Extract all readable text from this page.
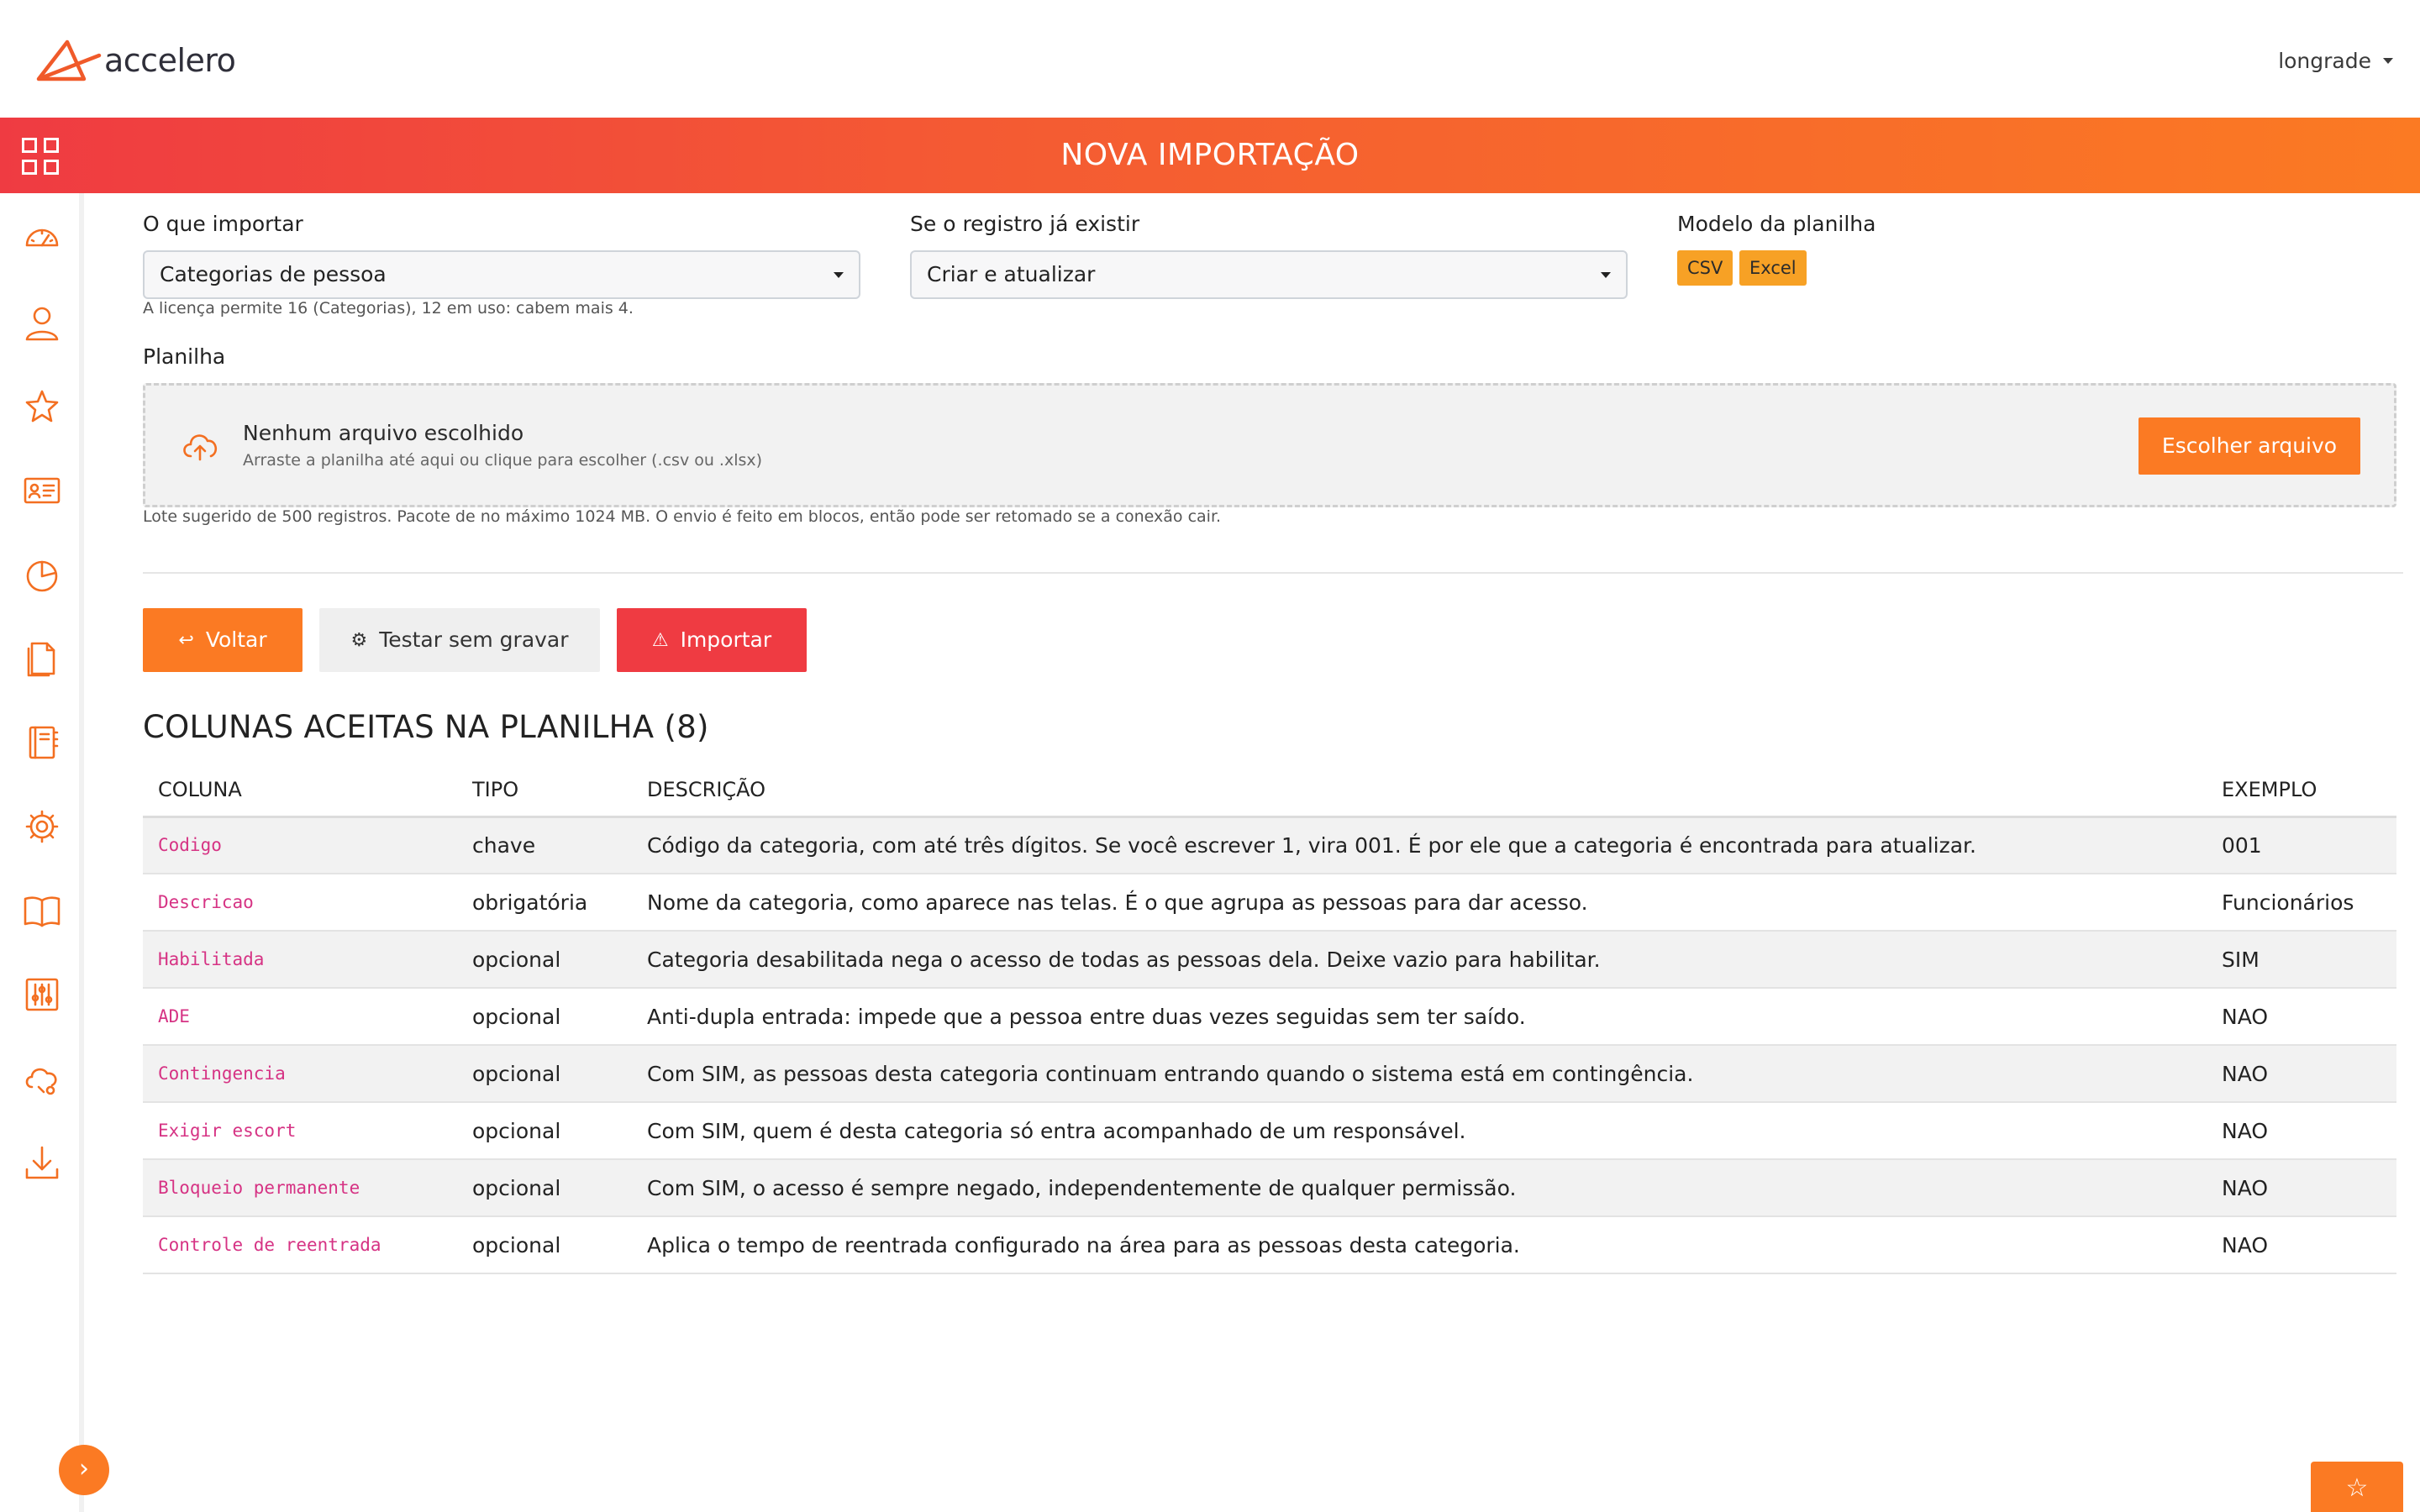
accelero	longrade
NOVA IMPORTAÇÃO
›
O que importar
Categorias de pessoa
A licença permite 16 (Categorias), 12 em uso: cabem mais 4.
Se o registro já existir
Criar e atualizar
Modelo da planilha
CSV	Excel
Planilha
Nenhum arquivo escolhido
Arraste a planilha até aqui ou clique para escolher (.csv ou .xlsx)
Escolher arquivo
Lote sugerido de 500 registros. Pacote de no máximo 1024 MB. O envio é feito em blocos, então pode ser retomado se a conexão cair.
↩ Voltar	⚙ Testar sem gravar	⚠ Importar
COLUNAS ACEITAS NA PLANILHA (8)
COLUNA	TIPO	DESCRIÇÃO	EXEMPLO
Codigo	chave	Código da categoria, com até três dígitos. Se você escrever 1, vira 001. É por ele que a categoria é encontrada para atualizar.	001
Descricao	obrigatória	Nome da categoria, como aparece nas telas. É o que agrupa as pessoas para dar acesso.	Funcionários
Habilitada	opcional	Categoria desabilitada nega o acesso de todas as pessoas dela. Deixe vazio para habilitar.	SIM
ADE	opcional	Anti-dupla entrada: impede que a pessoa entre duas vezes seguidas sem ter saído.	NAO
Contingencia	opcional	Com SIM, as pessoas desta categoria continuam entrando quando o sistema está em contingência.	NAO
Exigir escort	opcional	Com SIM, quem é desta categoria só entra acompanhado de um responsável.	NAO
Bloqueio permanente	opcional	Com SIM, o acesso é sempre negado, independentemente de qualquer permissão.	NAO
Controle de reentrada	opcional	Aplica o tempo de reentrada configurado na área para as pessoas desta categoria.	NAO
☆
